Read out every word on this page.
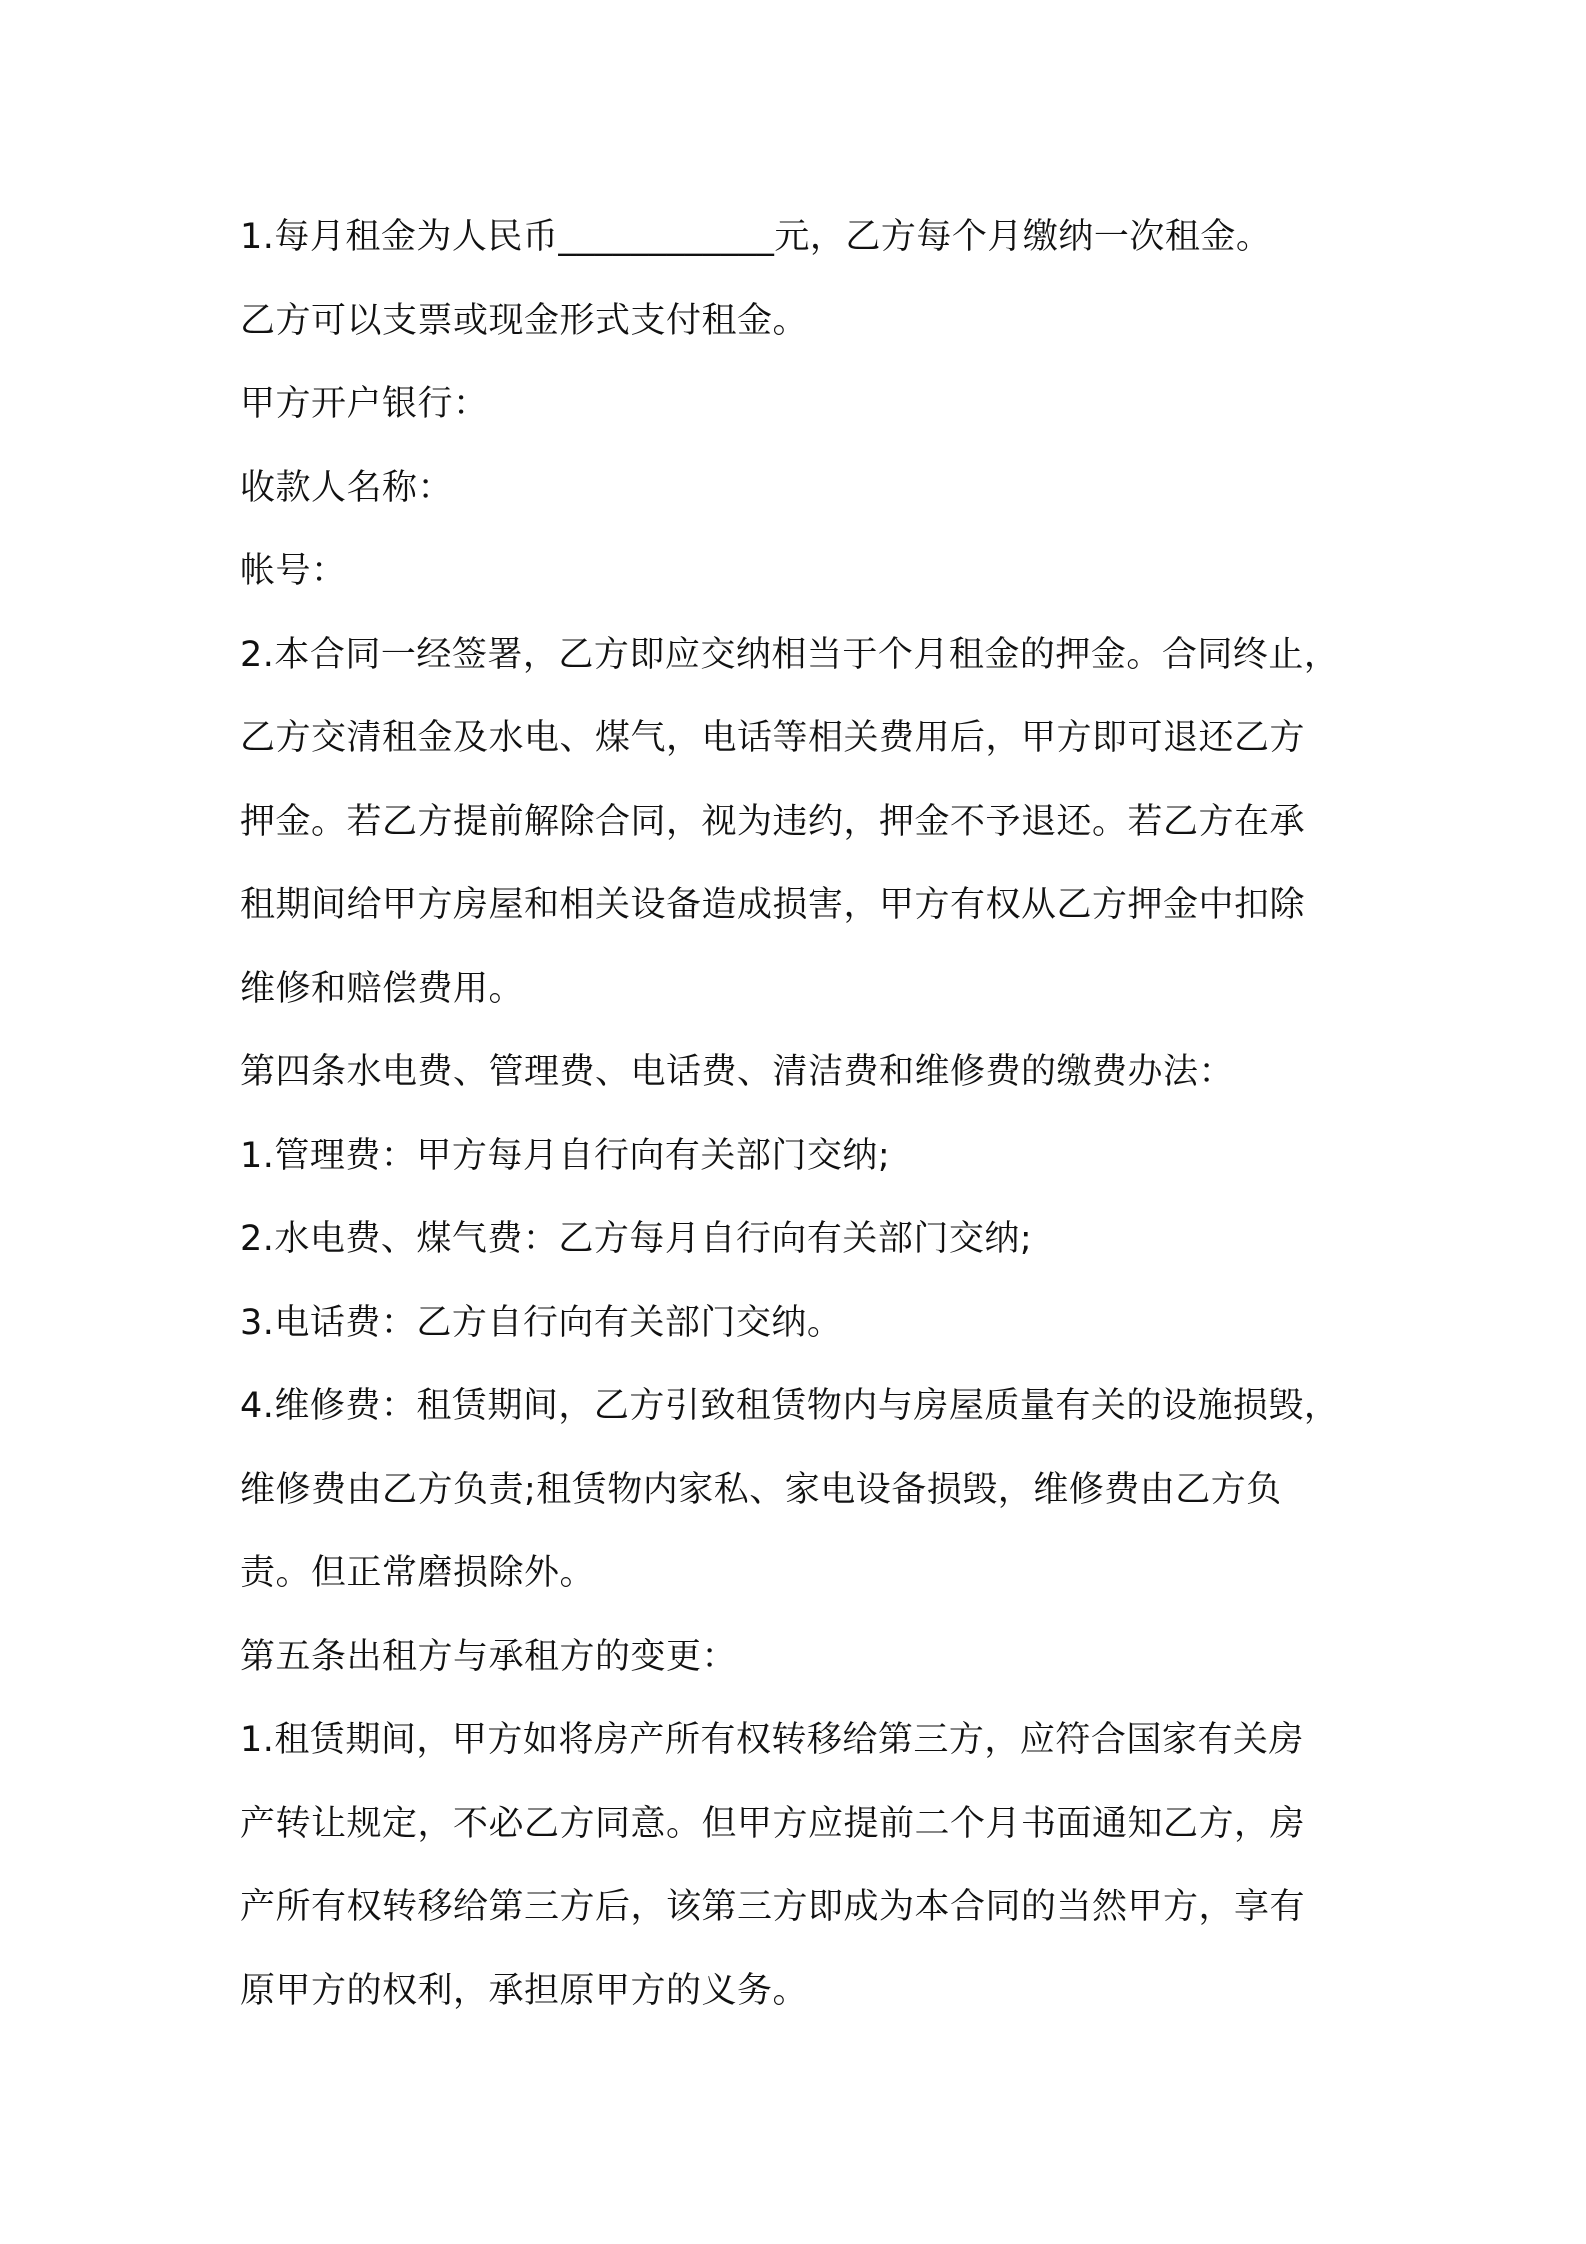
1.每月租金为人民币____________元，乙方每个月缴纳一次租金。
乙方可以支票或现金形式支付租金。
甲方开户银行：
收款人名称：
帐号：
2.本合同一经签署，乙方即应交纳相当于个月租金的押金。合同终止，
乙方交清租金及水电、煤气，电话等相关费用后，甲方即可退还乙方
押金。若乙方提前解除合同，视为违约，押金不予退还。若乙方在承
租期间给甲方房屋和相关设备造成损害，甲方有权从乙方押金中扣除
维修和赔偿费用。
第四条水电费、管理费、电话费、清洁费和维修费的缴费办法：
1.管理费：甲方每月自行向有关部门交纳;
2.水电费、煤气费：乙方每月自行向有关部门交纳;
3.电话费：乙方自行向有关部门交纳。
4.维修费：租赁期间，乙方引致租赁物内与房屋质量有关的设施损毁，
维修费由乙方负责;租赁物内家私、家电设备损毁，维修费由乙方负
责。但正常磨损除外。
第五条出租方与承租方的变更：
1.租赁期间，甲方如将房产所有权转移给第三方，应符合国家有关房
产转让规定，不必乙方同意。但甲方应提前二个月书面通知乙方，房
产所有权转移给第三方后，该第三方即成为本合同的当然甲方，享有
原甲方的权利，承担原甲方的义务。
